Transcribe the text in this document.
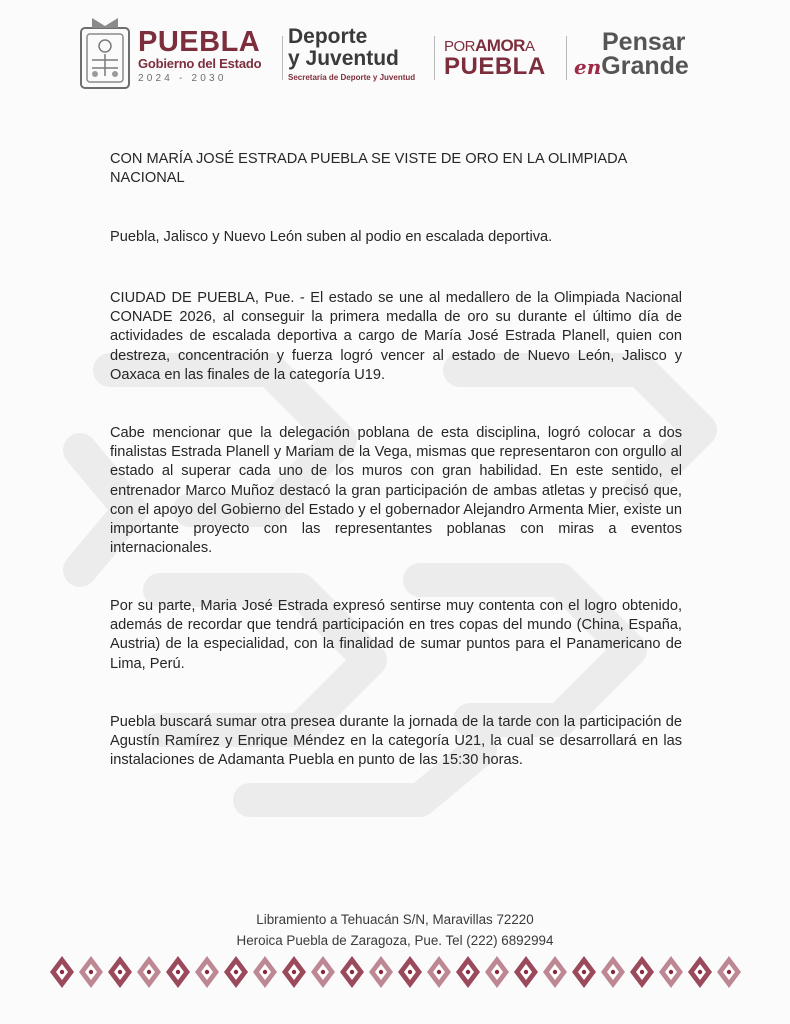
PUEBLA
Gobierno del Estado
2024 - 2030
Deporte
y Juventud
Secretaría de Deporte y Juventud
PORAMORA
PUEBLA
Pensar
enGrande
CON MARÍA JOSÉ ESTRADA PUEBLA SE VISTE DE ORO EN LA OLIMPIADA NACIONAL
Puebla, Jalisco y Nuevo León suben al podio en escalada deportiva.
CIUDAD DE PUEBLA, Pue. - El estado se une al medallero de la Olimpiada Nacional CONADE 2026, al conseguir la primera medalla de oro su durante el último día de actividades de escalada deportiva a cargo de María José Estrada Planell, quien con destreza, concentración y fuerza logró vencer al estado de Nuevo León, Jalisco y Oaxaca en las finales de la categoría U19.
Cabe mencionar que la delegación poblana de esta disciplina, logró colocar a dos finalistas Estrada Planell y Mariam de la Vega, mismas que representaron con orgullo al estado al superar cada uno de los muros con gran habilidad. En este sentido, el entrenador Marco Muñoz destacó la gran participación de ambas atletas y precisó que, con el apoyo del Gobierno del Estado y el gobernador Alejandro Armenta Mier, existe un importante proyecto con las representantes poblanas con miras a eventos internacionales.
Por su parte, Maria José Estrada expresó sentirse muy contenta con el logro obtenido, además de recordar que tendrá participación en tres copas del mundo (China, España, Austria) de la especialidad, con la finalidad de sumar puntos para el Panamericano de Lima, Perú.
Puebla buscará sumar otra presea durante la jornada de la tarde con la participación de Agustín Ramírez y Enrique Méndez en la categoría U21, la cual se desarrollará en las instalaciones de Adamanta Puebla en punto de las 15:30 horas.
Libramiento a Tehuacán S/N, Maravillas 72220
Heroica Puebla de Zaragoza, Pue. Tel (222) 6892994
